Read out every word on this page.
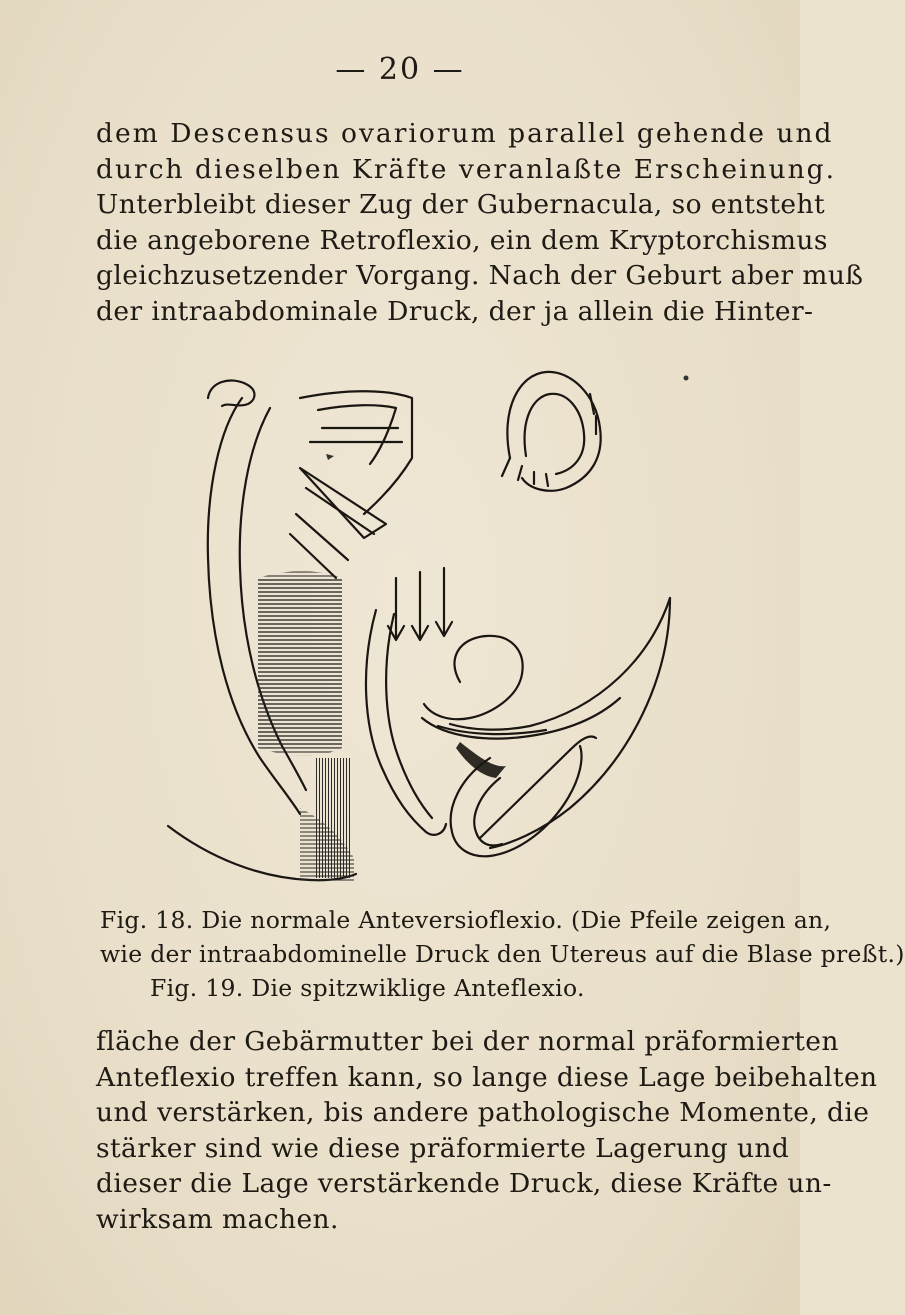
— 20 —
dem Descensus ovariorum parallel gehende und
durch dieselben Kräfte veranlaßte Erscheinung.
Unterbleibt dieser Zug der Gubernacula, so entsteht
die angeborene Retroflexio, ein dem Kryptorchismus
gleichzusetzender Vorgang. Nach der Geburt aber muß
der intraabdominale Druck, der ja allein die Hinter-
Fig. 18. Die normale Anteversioflexio. (Die Pfeile zeigen an,
wie der intraabdominelle Druck den Utereus auf die Blase preßt.)
Fig. 19. Die spitzwiklige Anteflexio.
fläche der Gebärmutter bei der normal präformierten
Anteflexio treffen kann, so lange diese Lage beibehalten
und verstärken, bis andere pathologische Momente, die
stärker sind wie diese präformierte Lagerung und
dieser die Lage verstärkende Druck, diese Kräfte un-
wirksam machen.
